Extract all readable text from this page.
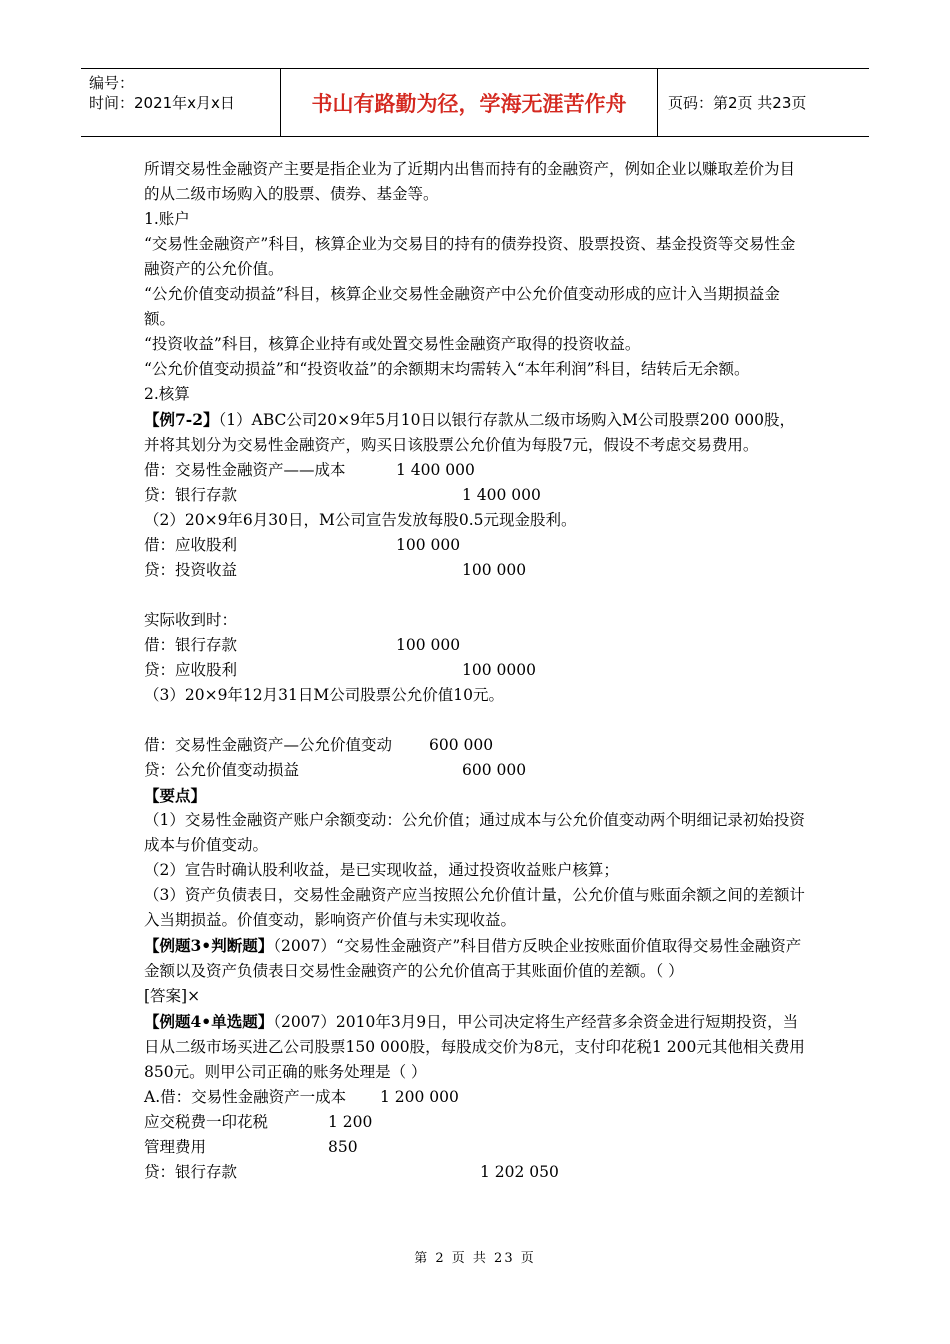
编号：
时间：2021年x月x日	书山有路勤为径，学海无涯苦作舟	页码：第2页 共23页

所谓交易性金融资产主要是指企业为了近期内出售而持有的金融资产，例如企业以赚取差价为目的从二级市场购入的股票、债券、基金等。

1.账户

“交易性金融资产”科目，核算企业为交易目的持有的债券投资、股票投资、基金投资等交易性金融资产的公允价值。

“公允价值变动损益”科目，核算企业交易性金融资产中公允价值变动形成的应计入当期损益金额。

“投资收益”科目，核算企业持有或处置交易性金融资产取得的投资收益。

“公允价值变动损益”和“投资收益”的余额期末均需转入“本年利润”科目，结转后无余额。

2.核算

【例7-2】（1）ABC公司20×9年5月10日以银行存款从二级市场购入M公司股票200 000股，并将其划分为交易性金融资产，购买日该股票公允价值为每股7元，假设不考虑交易费用。

借：交易性金融资产——成本	1 400 000
贷：银行存款	1 400 000

（2）20×9年6月30日，M公司宣告发放每股0.5元现金股利。

借：应收股利	100 000
贷：投资收益	100 000

实际收到时：

借：银行存款	100 000
贷：应收股利	100 0000

（3）20×9年12月31日M公司股票公允价值10元。

借：交易性金融资产—公允价值变动	600 000
贷：公允价值变动损益	600 000

【要点】

（1）交易性金融资产账户余额变动：公允价值；通过成本与公允价值变动两个明细记录初始投资成本与价值变动。

（2）宣告时确认股利收益，是已实现收益，通过投资收益账户核算；

（3）资产负债表日，交易性金融资产应当按照公允价值计量，公允价值与账面余额之间的差额计入当期损益。价值变动，影响资产价值与未实现收益。

【例题3•判断题】（2007）“交易性金融资产”科目借方反映企业按账面价值取得交易性金融资产金额以及资产负债表日交易性金融资产的公允价值高于其账面价值的差额。（ ）

[答案]×

【例题4•单选题】（2007）2010年3月9日，甲公司决定将生产经营多余资金进行短期投资，当日从二级市场买进乙公司股票150 000股，每股成交价为8元，支付印花税1 200元其他相关费用850元。则甲公司正确的账务处理是（ ）

A.借：交易性金融资产一成本	1 200 000
应交税费一印花税	1 200
管理费用	850
贷：银行存款	1 202 050
第 2 页 共 23 页
